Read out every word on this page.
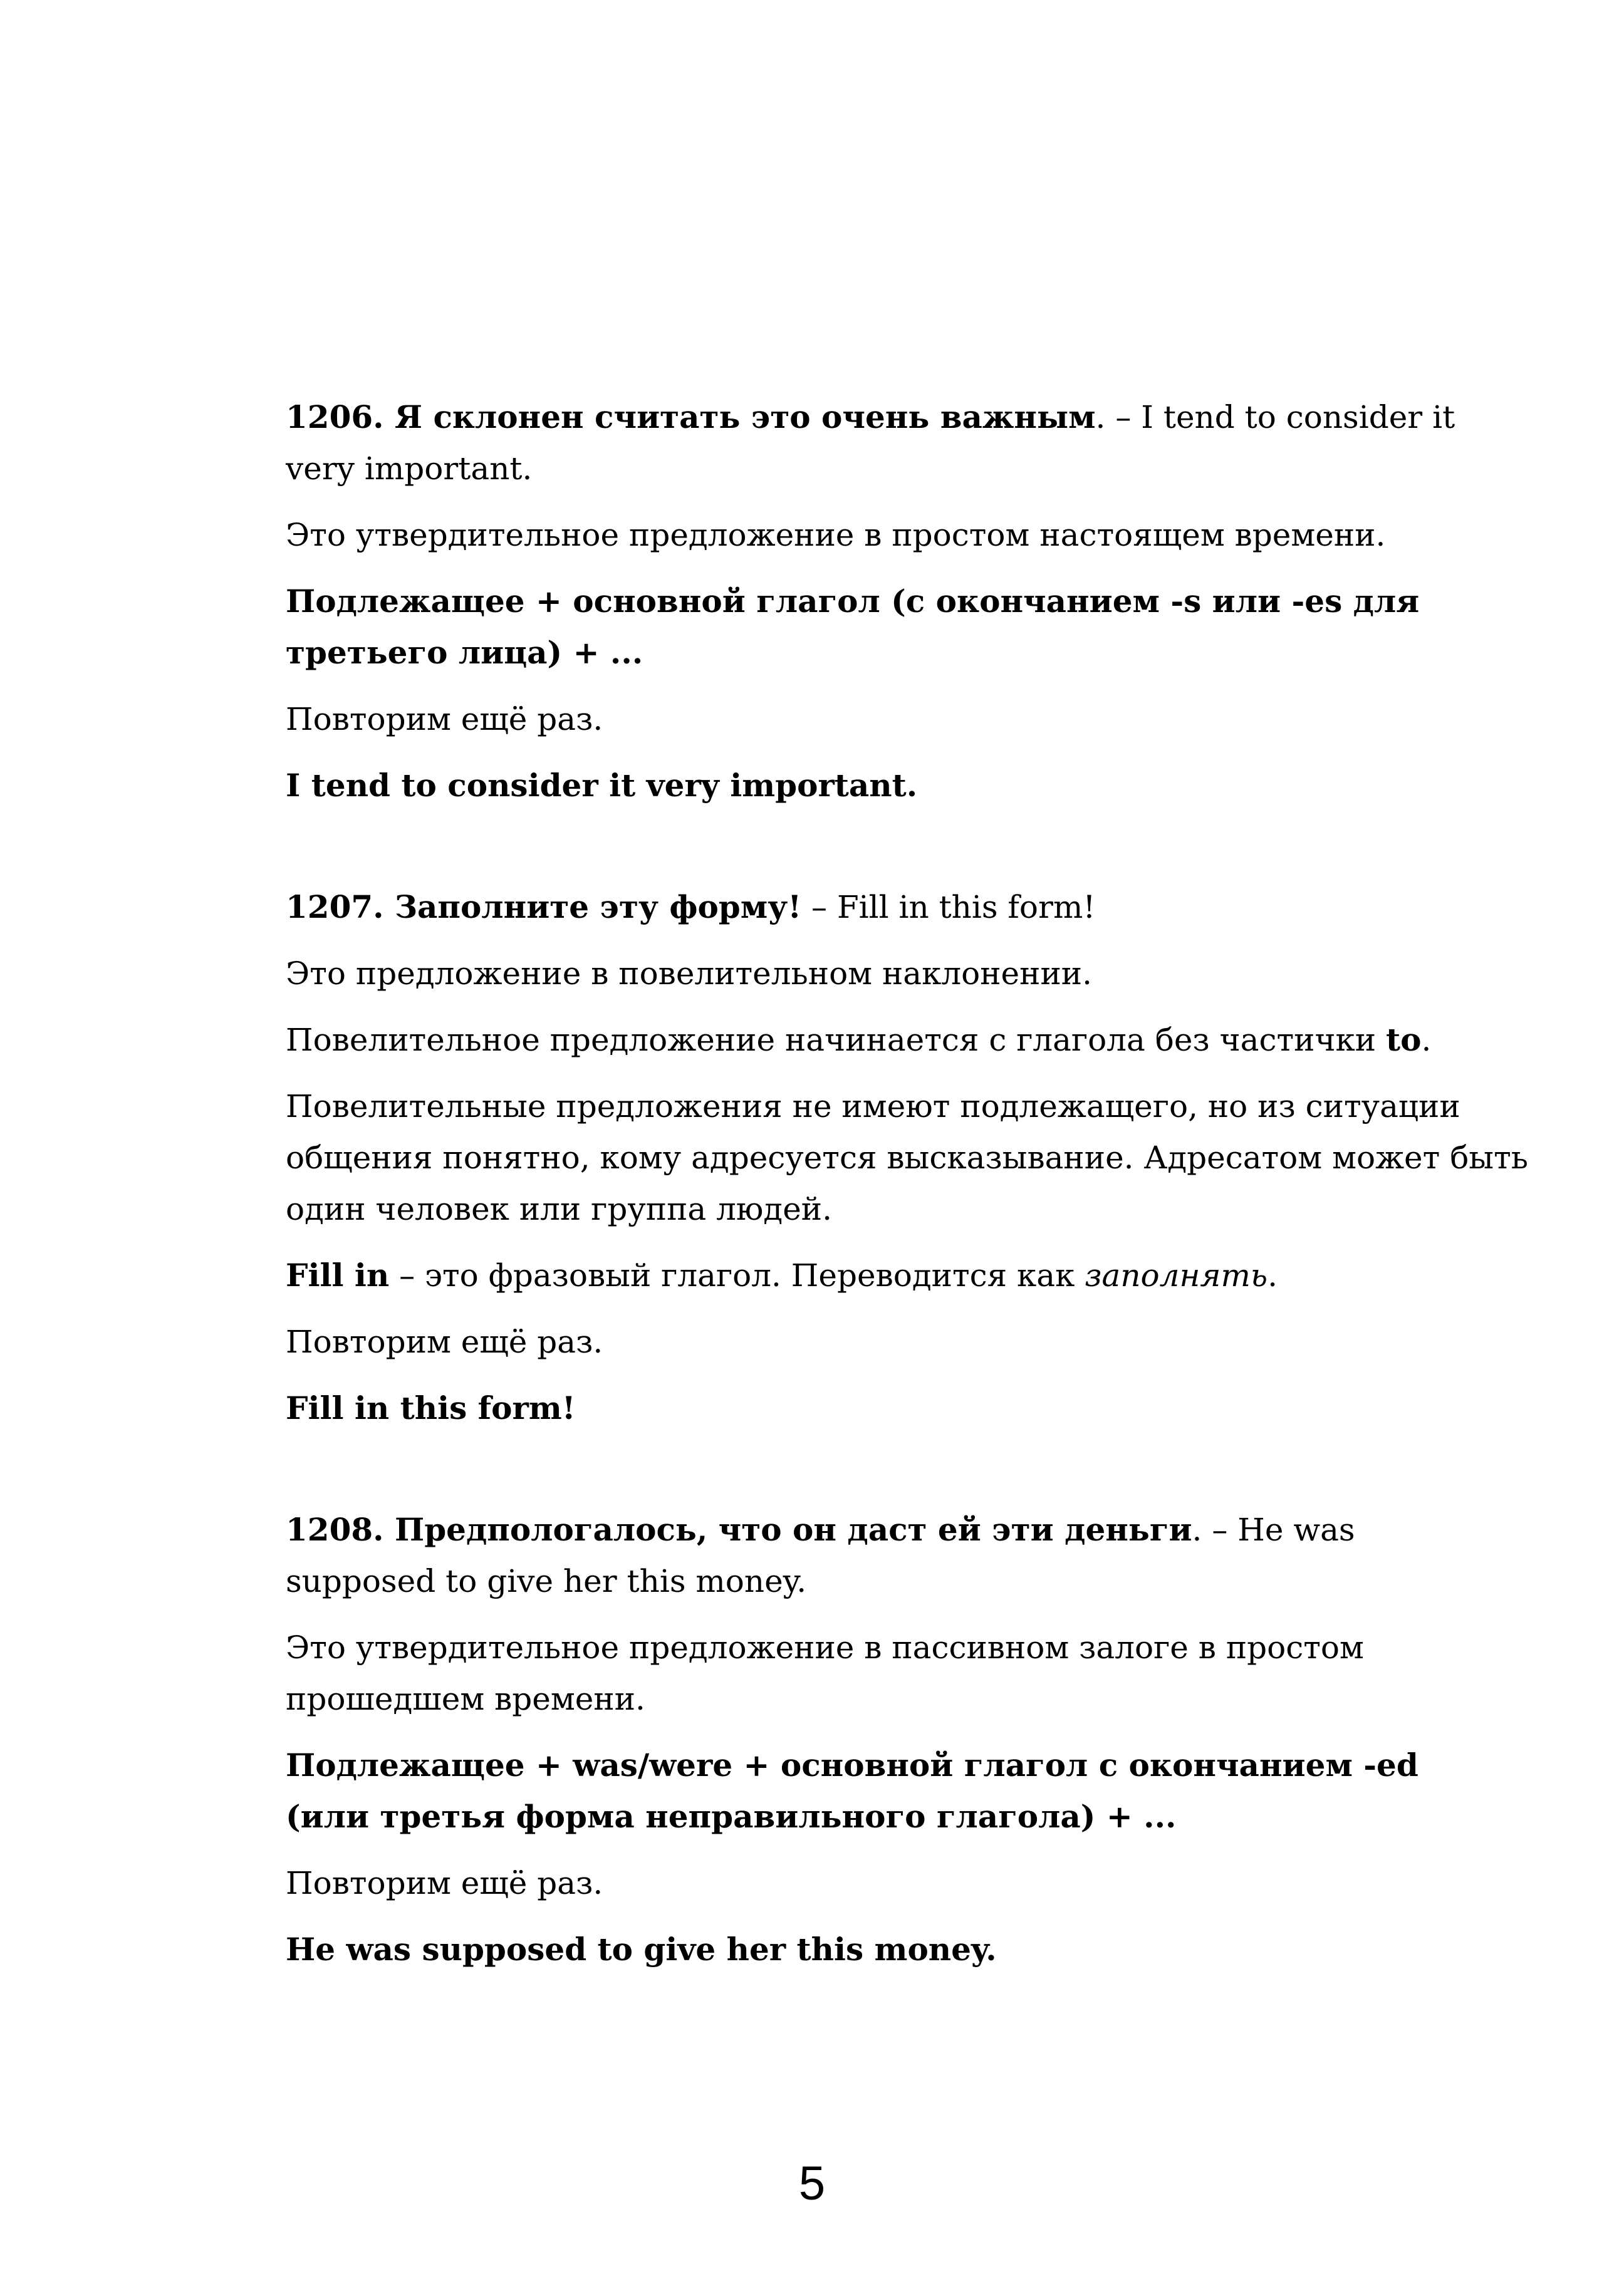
1206. Я склонен считать это очень важным. – I tend to consider it
very important.

Это утвердительное предложение в простом настоящем времени.

Подлежащее + основной глагол (с окончанием -s или -es для
третьего лица) + ...

Повторим ещё раз.

I tend to consider it very important.

1207. Заполните эту форму! – Fill in this form!

Это предложение в повелительном наклонении.

Повелительное предложение начинается с глагола без частички to.

Повелительные предложения не имеют подлежащего, но из ситуации
общения понятно, кому адресуется высказывание. Адресатом может быть
один человек или группа людей.

Fill in – это фразовый глагол. Переводится как заполнять.

Повторим ещё раз.

Fill in this form!

1208. Предпологалось, что он даст ей эти деньги. – He was
supposed to give her this money.

Это утвердительное предложение в пассивном залоге в простом
прошедшем времени.

Подлежащее + was/were + основной глагол с окончанием -ed
(или третья форма неправильного глагола) + ...

Повторим ещё раз.

He was supposed to give her this money.

5
